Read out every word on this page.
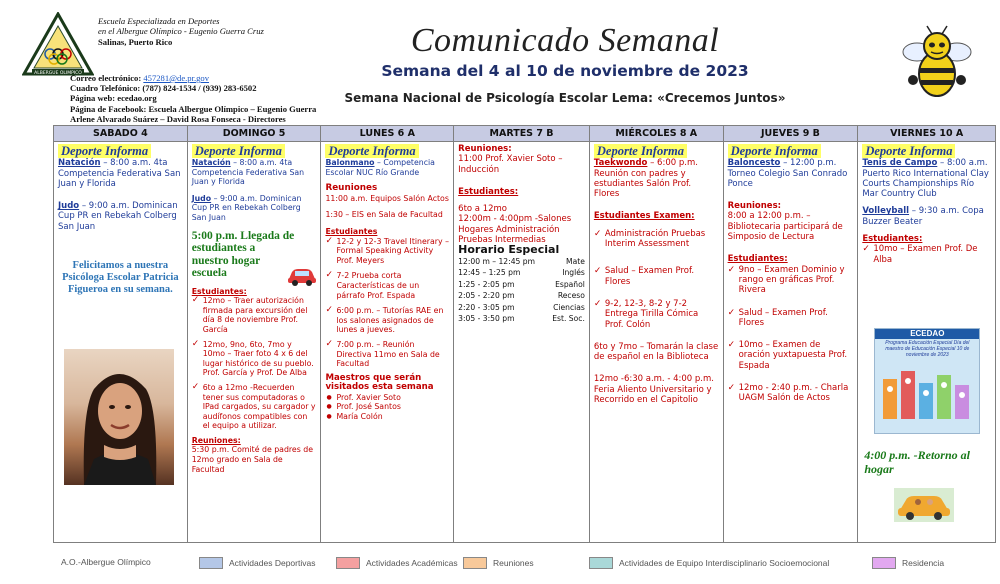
ALBERGUE OLIMPICO
Escuela Especializada en Deportes
en el Albergue Olímpico - Eugenio Guerra Cruz
Salinas, Puerto Rico
Correo electrónico: 457281@de.pr.gov
Cuadro Telefónico: (787) 824-1534 / (939) 283-6502
Página web: ecedao.org
Página de Facebook: Escuela Albergue Olímpico – Eugenio Guerra
Arlene Alvarado Suárez – David Rosa Fonseca - Directores
Comunicado Semanal
Semana del 4 al 10 de noviembre de 2023
Semana Nacional de Psicología Escolar Lema: «Crecemos Juntos»
SABADO 4
Deporte Informa
Natación – 8:00 a.m. 4ta Competencia Federativa San Juan y Florida
Judo – 9:00 a.m. Dominican Cup PR en Rebekah Colberg San Juan
Felicitamos a nuestra Psicóloga Escolar Patricia Figueroa en su semana.
DOMINGO 5
Deporte Informa
Natación – 8:00 a.m. 4ta Competencia Federativa San Juan y Florida
Judo – 9:00 a.m. Dominican Cup PR en Rebekah Colberg San Juan
5:00 p.m. Llegada de estudiantes a nuestro hogar escuela
Estudiantes:
✓ 12mo – Traer autorización firmada para excursión del día 8 de noviembre Prof. García
✓ 12mo, 9no, 6to, 7mo y 10mo – Traer foto 4 x 6 del lugar histórico de su pueblo. Prof. García y Prof. De Alba
✓ 6to a 12mo -Recuerden tener sus computadoras o IPad cargados, su cargador y audífonos compatibles con el equipo a utilizar.
Reuniones:
5:30 p.m. Comité de padres de 12mo grado en Sala de Facultad
LUNES 6 A
Deporte Informa
Balonmano – Competencia Escolar NUC Río Grande
Reuniones
11:00 a.m. Equipos Salón Actos
1:30 – EIS en Sala de Facultad
Estudiantes
✓ 12-2 y 12-3 Travel Itinerary – Formal Speaking Activity Prof. Meyers
✓ 7-2 Prueba corta Características de un párrafo Prof. Espada
✓ 6:00 p.m. – Tutorías RAE en los salones asignados de lunes a jueves.
✓ 7:00 p.m. – Reunión Directiva 11mo en Sala de Facultad
Maestros que serán visitados esta semana
● Prof. Xavier Soto
● Prof. José Santos
● María Colón
MARTES 7 B
Reuniones:
11:00 Prof. Xavier Soto – Inducción
Estudiantes:
6to a 12mo
12:00m - 4:00pm -Salones Hogares Administración Pruebas Intermedias
Horario Especial
12:00 m – 12:45 pm	Mate
12:45 – 1:25 pm	Inglés
1:25 - 2:05 pm	Español
2:05 - 2:20 pm	Receso
2:20 - 3:05 pm	Ciencias
3:05 - 3:50 pm	Est. Soc.
MIÉRCOLES 8 A
Deporte Informa
Taekwondo – 6:00 p.m. Reunión con padres y estudiantes Salón Prof. Flores
Estudiantes Examen:
✓ Administración Pruebas Interim Assessment
✓ Salud – Examen Prof. Flores
✓ 9-2, 12-3, 8-2 y 7-2 Entrega Tirilla Cómica Prof. Colón
6to y 7mo – Tomarán la clase de español en la Biblioteca
12mo -6:30 a.m. - 4:00 p.m. Feria Aliento Universitario y Recorrido en el Capitolio
JUEVES 9 B
Deporte Informa
Baloncesto – 12:00 p.m. Torneo Colegio San Conrado Ponce
Reuniones:
8:00 a 12:00 p.m. – Bibliotecaria participará de Simposio de Lectura
Estudiantes:
✓ 9no – Examen Dominio y rango en gráficas Prof. Rivera
✓ Salud – Examen Prof. Flores
✓ 10mo – Examen de oración yuxtapuesta Prof. Espada
✓ 12mo - 2:40 p.m. - Charla UAGM Salón de Actos
VIERNES 10 A
Deporte Informa
Tenis de Campo – 8:00 a.m. Puerto Rico International Clay Courts Championships Río Mar Country Club
Volleyball – 9:30 a.m. Copa Buzzer Beater
Estudiantes:
✓ 10mo – Examen Prof. De Alba
ECEDAO
Programa Educación Especial Día del maestro de Educación Especial 10 de noviembre de 2023
4:00 p.m. -Retorno al hogar
A.O.-Albergue Olímpico	Actividades Deportivas	Actividades Académicas	Reuniones	Actividades de Equipo Interdisciplinario Socioemocional	Residencia
